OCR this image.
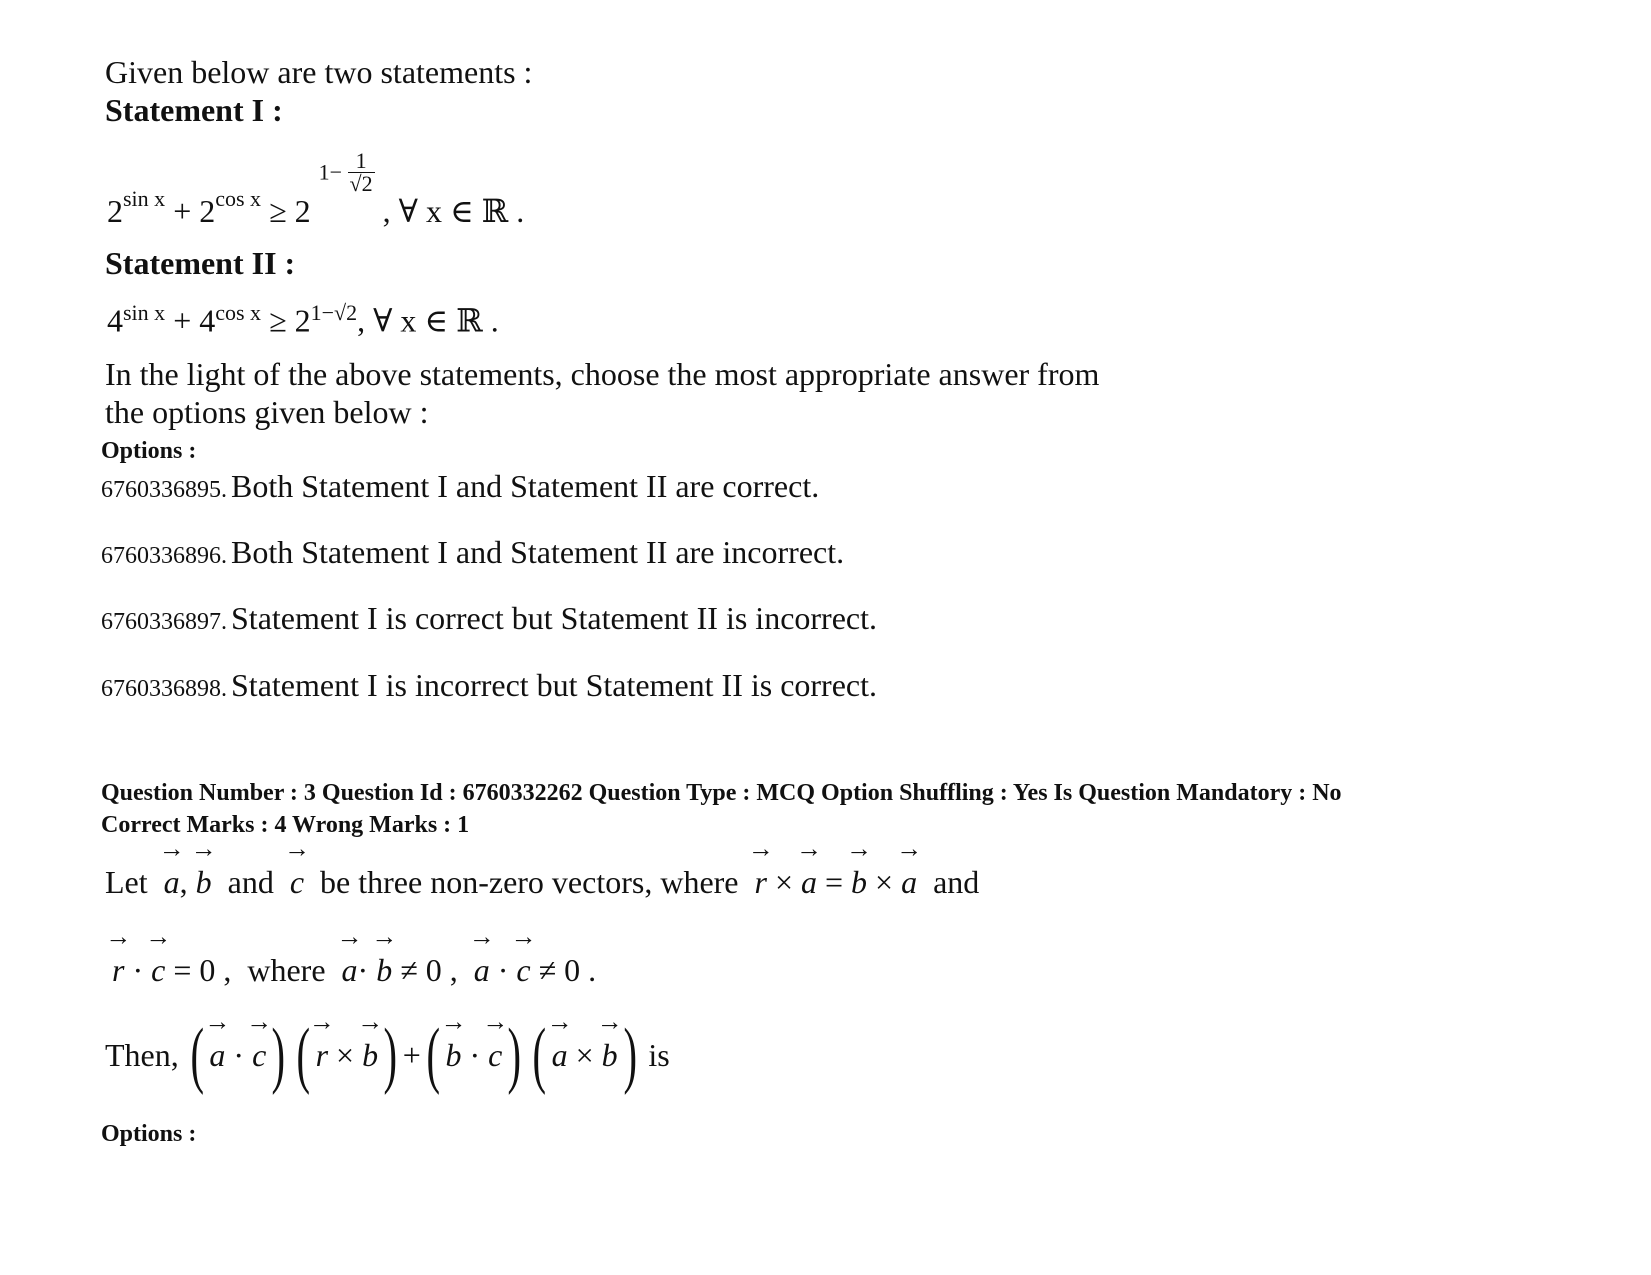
Given below are two statements :
Statement I :
$2^{sin x} + 2^{cos x} \ge 2$ $1- \frac{1}{√2}$
, ∀ x ∈ ℝ .
Statement II :
$4^{sin x} + 4^{cos x} \ge 2^{1-√2}$, ∀ x ∈ ℝ .
In the light of the above statements, choose the most appropriate answer from
the options given below :
Options :
6760336895. Both Statement I and Statement II are correct.
6760336896. Both Statement I and Statement II are incorrect.
6760336897. Statement I is correct but Statement II is incorrect.
6760336898. Statement I is incorrect but Statement II is correct.
Question Number : 3 Question Id : 6760332262 Question Type : MCQ Option Shuffling : Yes Is Question Mandatory : No
Correct Marks : 4 Wrong Marks : 1
Let → a, → b and → c be three non-zero vectors, where → r × → a = → b × → a and
→ r · → c = 0 , where → a· → b ≠ 0 , → a · → c ≠ 0 .
Then, ( → a
·
→ c ) ( → r
×
→ b ) + ( → b
·
→ c ) ( → a
×
→ b ) is
Options :
